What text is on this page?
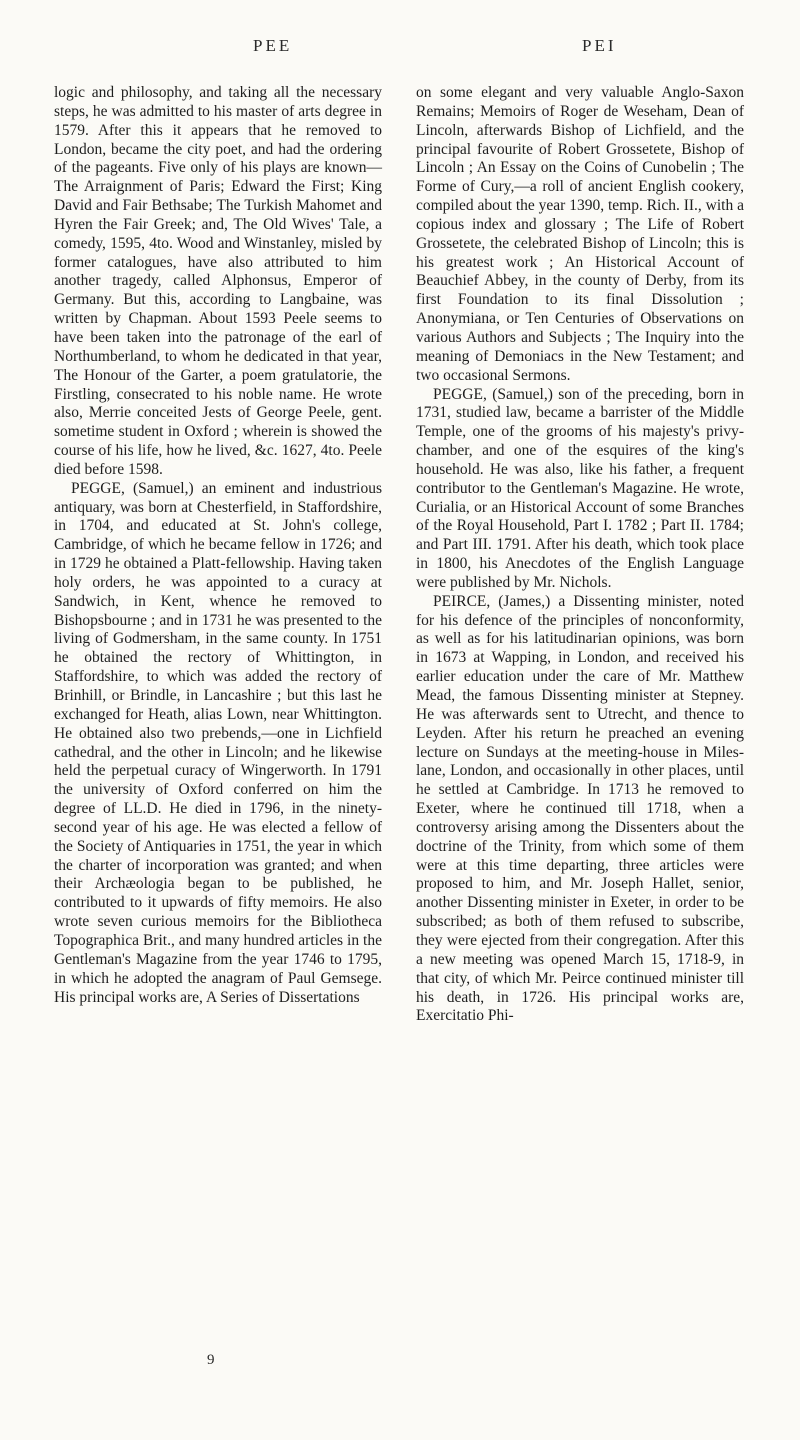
PEE	PEI

logic and philosophy, and taking all the necessary steps, he was admitted to his master of arts degree in 1579. After this it appears that he removed to London, became the city poet, and had the ordering of the pageants. Five only of his plays are known—The Arraignment of Paris; Edward the First; King David and Fair Bethsabe; The Turkish Mahomet and Hyren the Fair Greek; and, The Old Wives' Tale, a comedy, 1595, 4to. Wood and Winstanley, misled by former catalogues, have also attributed to him another tragedy, called Alphonsus, Emperor of Germany. But this, according to Langbaine, was written by Chapman. About 1593 Peele seems to have been taken into the patronage of the earl of Northumberland, to whom he dedicated in that year, The Honour of the Garter, a poem gratulatorie, the Firstling, consecrated to his noble name. He wrote also, Merrie conceited Jests of George Peele, gent. sometime student in Oxford ; wherein is showed the course of his life, how he lived, &c. 1627, 4to. Peele died before 1598.

PEGGE, (Samuel,) an eminent and industrious antiquary, was born at Chesterfield, in Staffordshire, in 1704, and educated at St. John's college, Cambridge, of which he became fellow in 1726; and in 1729 he obtained a Platt-fellowship. Having taken holy orders, he was appointed to a curacy at Sandwich, in Kent, whence he removed to Bishopsbourne ; and in 1731 he was presented to the living of Godmersham, in the same county. In 1751 he obtained the rectory of Whittington, in Staffordshire, to which was added the rectory of Brinhill, or Brindle, in Lancashire ; but this last he exchanged for Heath, alias Lown, near Whittington. He obtained also two prebends,—one in Lichfield cathedral, and the other in Lincoln; and he likewise held the perpetual curacy of Wingerworth. In 1791 the university of Oxford conferred on him the degree of LL.D. He died in 1796, in the ninety-second year of his age. He was elected a fellow of the Society of Antiquaries in 1751, the year in which the charter of incorporation was granted; and when their Archæologia began to be published, he contributed to it upwards of fifty memoirs. He also wrote seven curious memoirs for the Bibliotheca Topographica Brit., and many hundred articles in the Gentleman's Magazine from the year 1746 to 1795, in which he adopted the anagram of Paul Gemsege. His principal works are, A Series of Dissertations

on some elegant and very valuable Anglo-Saxon Remains; Memoirs of Roger de Weseham, Dean of Lincoln, afterwards Bishop of Lichfield, and the principal favourite of Robert Grossetete, Bishop of Lincoln ; An Essay on the Coins of Cunobelin ; The Forme of Cury,—a roll of ancient English cookery, compiled about the year 1390, temp. Rich. II., with a copious index and glossary ; The Life of Robert Grossetete, the celebrated Bishop of Lincoln; this is his greatest work ; An Historical Account of Beauchief Abbey, in the county of Derby, from its first Foundation to its final Dissolution ; Anonymiana, or Ten Centuries of Observations on various Authors and Subjects ; The Inquiry into the meaning of Demoniacs in the New Testament; and two occasional Sermons.

PEGGE, (Samuel,) son of the preceding, born in 1731, studied law, became a barrister of the Middle Temple, one of the grooms of his majesty's privy-chamber, and one of the esquires of the king's household. He was also, like his father, a frequent contributor to the Gentleman's Magazine. He wrote, Curialia, or an Historical Account of some Branches of the Royal Household, Part I. 1782 ; Part II. 1784; and Part III. 1791. After his death, which took place in 1800, his Anecdotes of the English Language were published by Mr. Nichols.

PEIRCE, (James,) a Dissenting minister, noted for his defence of the principles of nonconformity, as well as for his latitudinarian opinions, was born in 1673 at Wapping, in London, and received his earlier education under the care of Mr. Matthew Mead, the famous Dissenting minister at Stepney. He was afterwards sent to Utrecht, and thence to Leyden. After his return he preached an evening lecture on Sundays at the meeting-house in Miles-lane, London, and occasionally in other places, until he settled at Cambridge. In 1713 he removed to Exeter, where he continued till 1718, when a controversy arising among the Dissenters about the doctrine of the Trinity, from which some of them were at this time departing, three articles were proposed to him, and Mr. Joseph Hallet, senior, another Dissenting minister in Exeter, in order to be subscribed; as both of them refused to subscribe, they were ejected from their congregation. After this a new meeting was opened March 15, 1718-9, in that city, of which Mr. Peirce continued minister till his death, in 1726. His principal works are, Exercitatio Phi-

9
